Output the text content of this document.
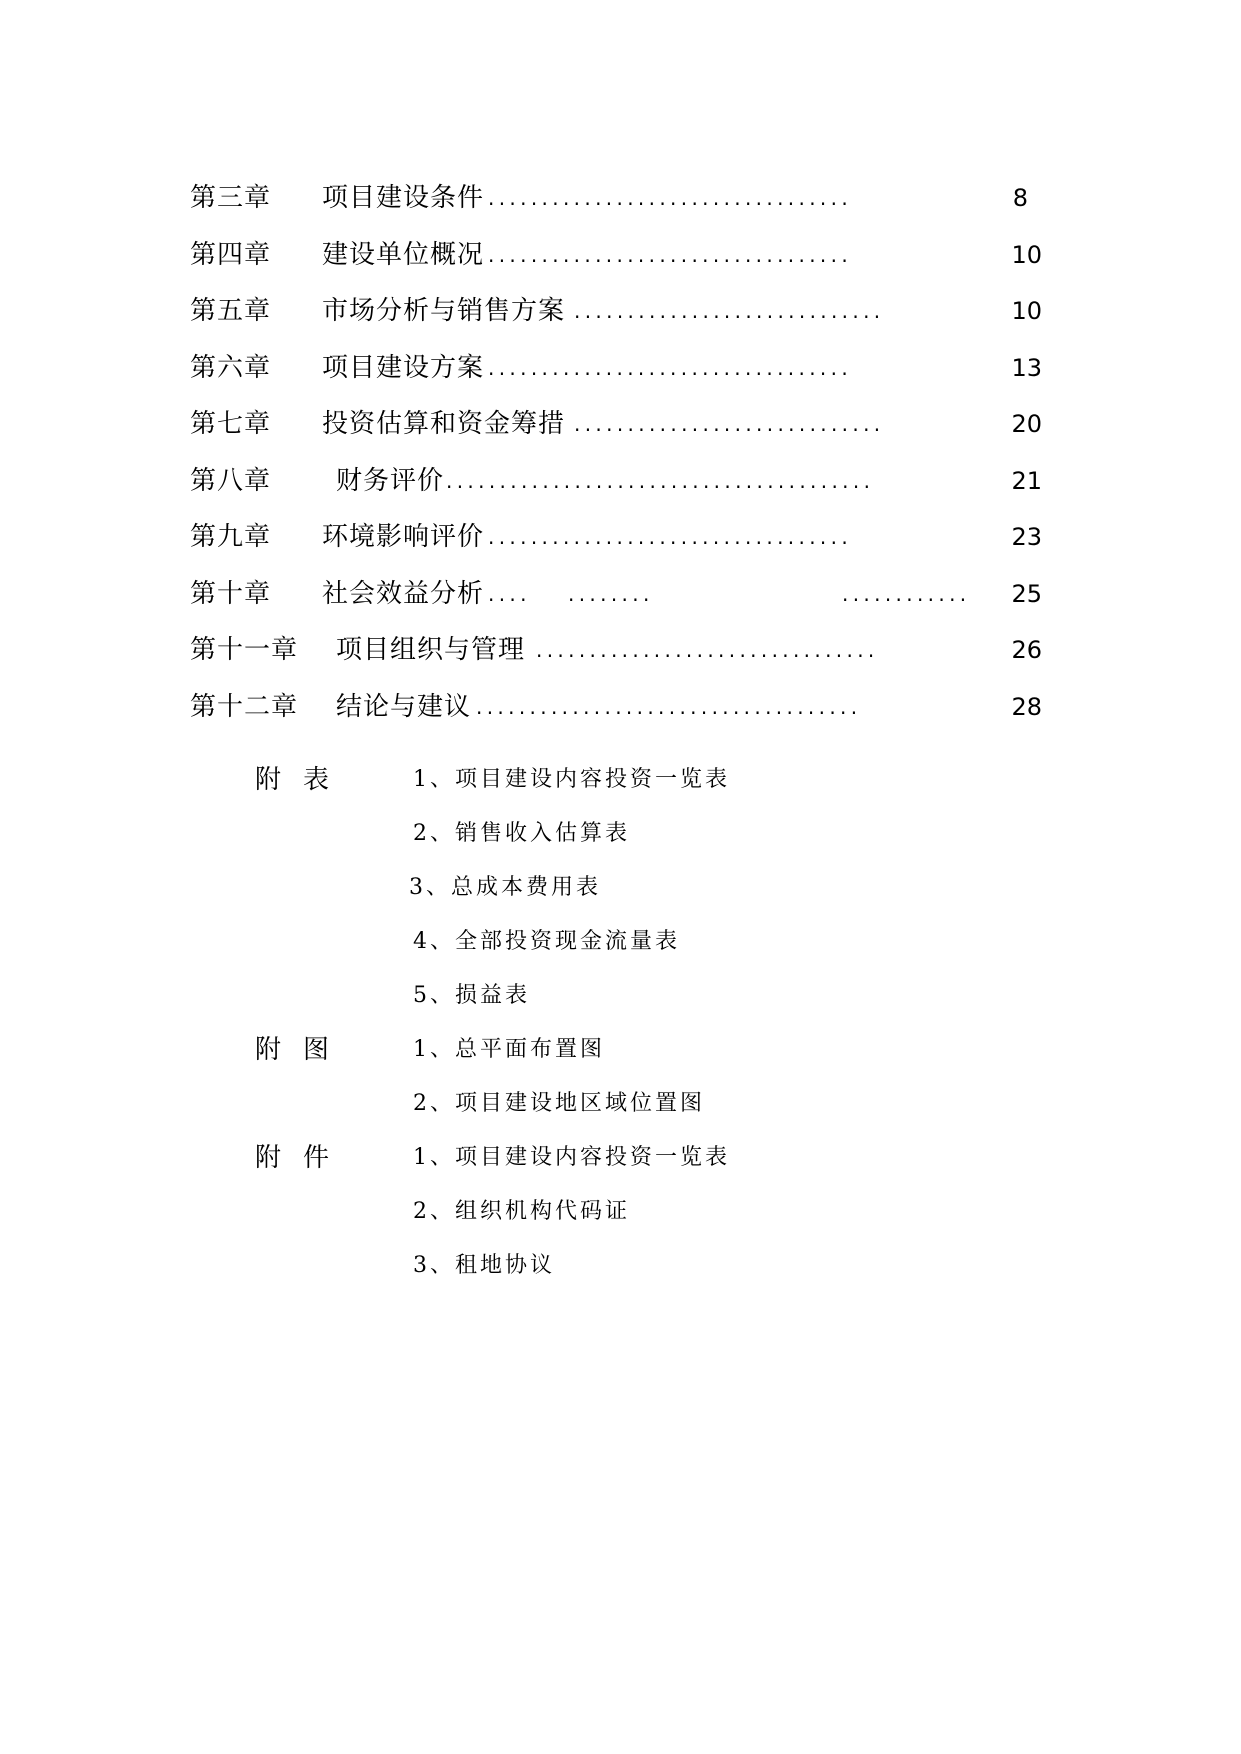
第三章 项目建设条件 ..................................	8
第四章 建设单位概况 ..................................	10
第五章 市场分析与销售方案 .............................	10
第六章 项目建设方案 ..................................	13
第七章 投资估算和资金筹措 .............................	20
第八章 财务评价 ........................................	21
第九章 环境影响评价 ..................................	23
第十章 社会效益分析 .... ........	............ 25
第十一章 项目组织与管理 ................................	26
第十二章 结论与建议 ....................................	28
附表	1、项目建设内容投资一览表
2、销售收入估算表
3、总成本费用表
4、全部投资现金流量表
5、损益表
附图	1、总平面布置图
2、项目建设地区域位置图
附件	1、项目建设内容投资一览表
2、组织机构代码证
3、租地协议
